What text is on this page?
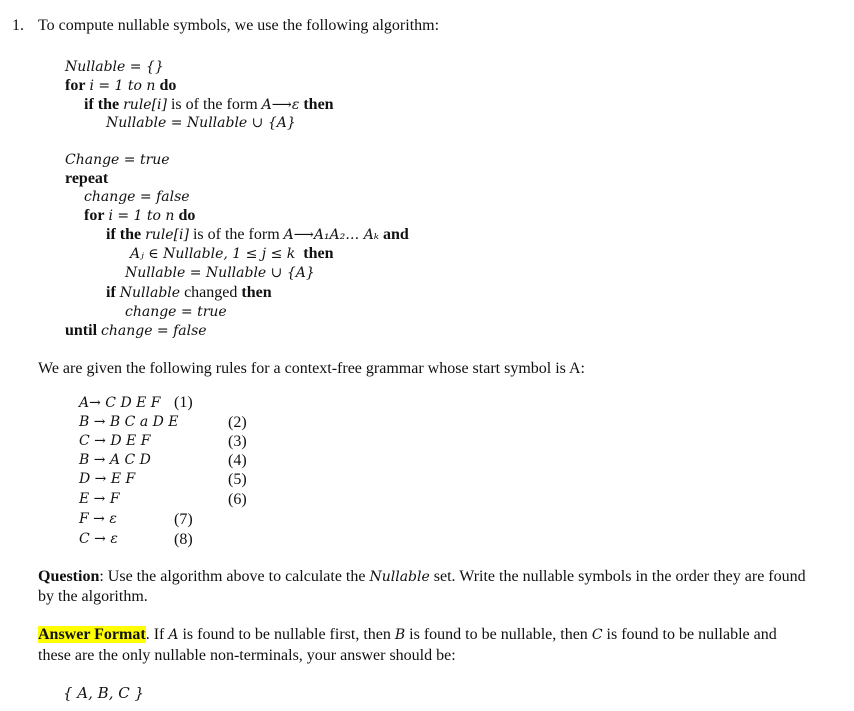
1. To compute nullable symbols, we use the following algorithm:
Nullable = {}
for i = 1 to n do
if the rule[i] is of the form A⟶ε then
Nullable = Nullable ∪ {A}
Change = true
repeat
change = false
for i = 1 to n do
if the rule[i] is of the form A⟶A₁A₂… Aₖ and
Aⱼ ∈ Nullable, 1 ≤ j ≤ k then
Nullable = Nullable ∪ {A}
if Nullable changed then
change = true
until change = false
We are given the following rules for a context-free grammar whose start symbol is A:
A→ C D E F (1)
B → B C a D E	(2)
C → D E F	(3)
B → A C D	(4)
D → E F	(5)
E → F	(6)
F → ε	(7)
C → ε	(8)
Question: Use the algorithm above to calculate the Nullable set. Write the nullable symbols in the order they are found
by the algorithm.
Answer Format. If A is found to be nullable first, then B is found to be nullable, then C is found to be nullable and
these are the only nullable non-terminals, your answer should be:
{ A, B, C }
